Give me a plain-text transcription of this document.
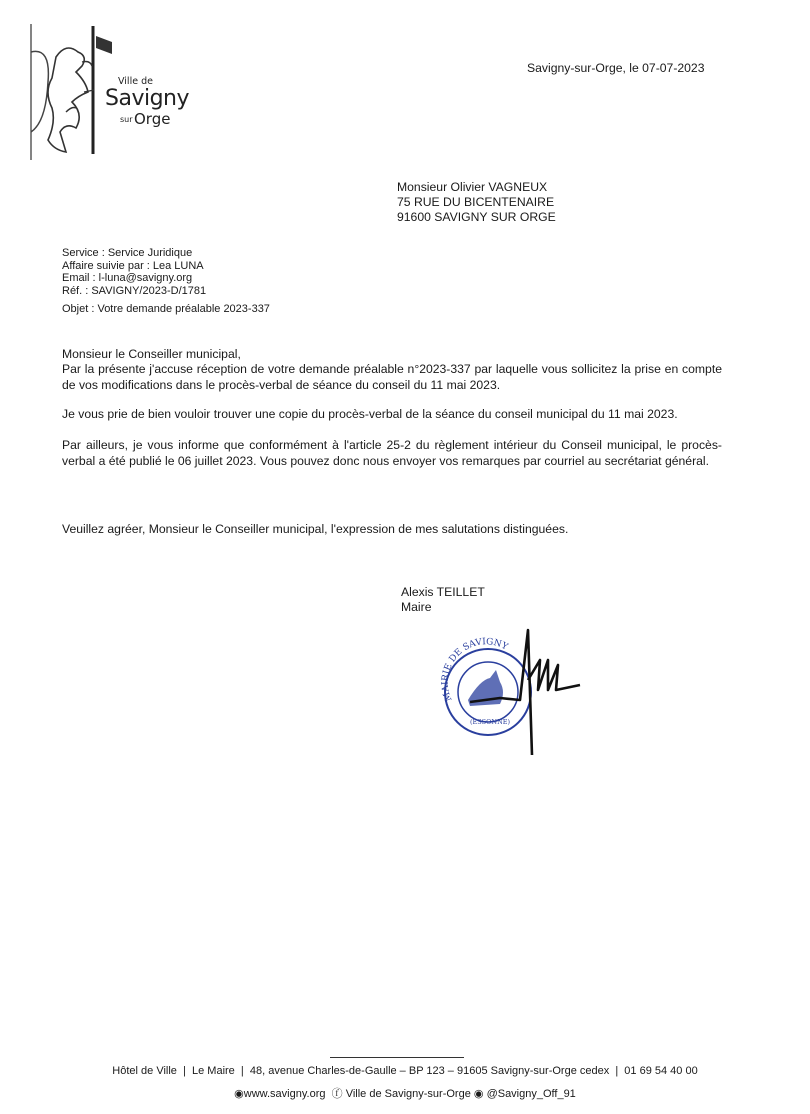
Ville de
Savigny
sur Orge
Savigny-sur-Orge, le 07-07-2023
Monsieur Olivier VAGNEUX
75 RUE DU BICENTENAIRE
91600 SAVIGNY SUR ORGE
Service : Service Juridique
Affaire suivie par : Lea LUNA
Email : l-luna@savigny.org
Réf. : SAVIGNY/2023-D/1781
Objet : Votre demande préalable 2023-337
Monsieur le Conseiller municipal,
Par la présente j'accuse réception de votre demande préalable n°2023-337 par laquelle vous sollicitez la prise en compte de vos modifications dans le procès-verbal de séance du conseil du 11 mai 2023.
Je vous prie de bien vouloir trouver une copie du procès-verbal de la séance du conseil municipal du 11 mai 2023.
Par ailleurs, je vous informe que conformément à l'article 25-2 du règlement intérieur du Conseil municipal, le procès-verbal a été publié le 06 juillet 2023. Vous pouvez donc nous envoyer vos remarques par courriel au secrétariat général.
Veuillez agréer, Monsieur le Conseiller municipal, l'expression de mes salutations distinguées.
Alexis TEILLET
Maire
MAIRIE DE SAVIGNY
(ESSONNE)
Hôtel de Ville  |  Le Maire  |  48, avenue Charles-de-Gaulle – BP 123 – 91605 Savigny-sur-Orge cedex  |  01 69 54 40 00
◉www.savigny.org ⓕ Ville de Savigny-sur-Orge ◉ @Savigny_Off_91
